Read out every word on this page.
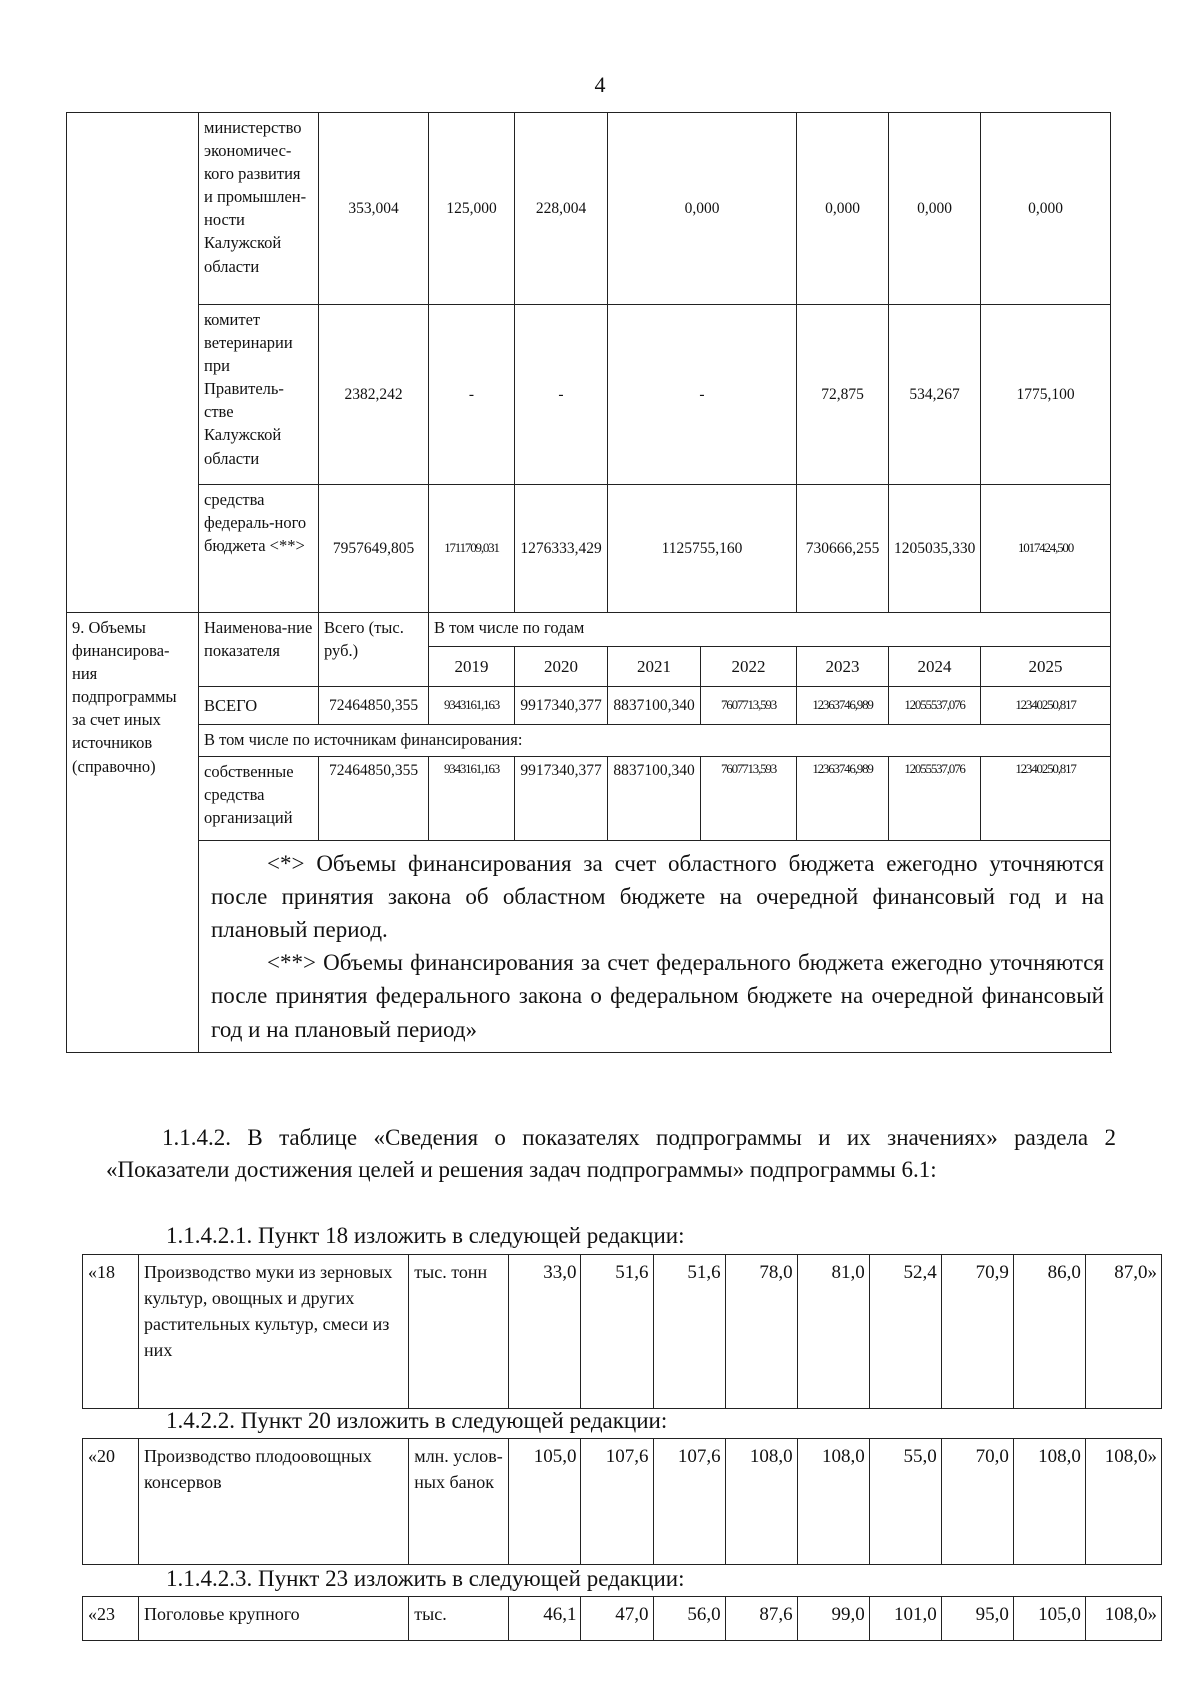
4
	министерство экономичес-кого развития и промышлен-ности Калужской области	353,004	125,000	228,004	0,000		0,000	0,000	0,000
	комитет ветеринарии при Правитель-стве Калужской области	2382,242	-	-	-		72,875	534,267	1775,100
	средства федераль-ного бюджета <**>	7957649,805	1711709,031	1276333,429	1125755,160		730666,255	1205035,330	1017424,500
9. Объемы финансирова-ния подпрограммы за счет иных источников (справочно)	Наименова-ние показателя	Всего (тыс. руб.)	В том числе по годам						
			2019	2020	2021	2022	2023	2024	2025
	ВСЕГО	72464850,355	9343161,163	9917340,377	8837100,340	7607713,593	12363746,989	12055537,076	12340250,817
	В том числе по источникам финансирования:								
	собственные средства организаций	72464850,355	9343161,163	9917340,377	8837100,340	7607713,593	12363746,989	12055537,076	12340250,817

	<*> Объемы финансирования за счет областного бюджета ежегодно уточняются после принятия закона об областном бюджете на очередной финансовый год и на плановый период.

<**> Объемы финансирования за счет федерального бюджета ежегодно уточняются после принятия федерального закона о федеральном бюджете на очередной финансовый год и на плановый период»								

1.1.4.2. В таблице «Сведения о показателях подпрограммы и их значениях» раздела 2 «Показатели достижения целей и решения задач подпрограммы» подпрограммы 6.1:
1.1.4.2.1. Пункт 18 изложить в следующей редакции:
«18	Производство муки из зерновых культур, овощных и других растительных культур, смеси из них	тыс. тонн	33,0	51,6	51,6	78,0	81,0	52,4	70,9	86,0	87,0»
1.4.2.2. Пункт 20 изложить в следующей редакции:
«20	Производство плодоовощных консервов	млн. услов-ных банок	105,0	107,6	107,6	108,0	108,0	55,0	70,0	108,0	108,0»
1.1.4.2.3. Пункт 23 изложить в следующей редакции:
«23	Поголовье крупного	тыс.	46,1	47,0	56,0	87,6	99,0	101,0	95,0	105,0	108,0»
